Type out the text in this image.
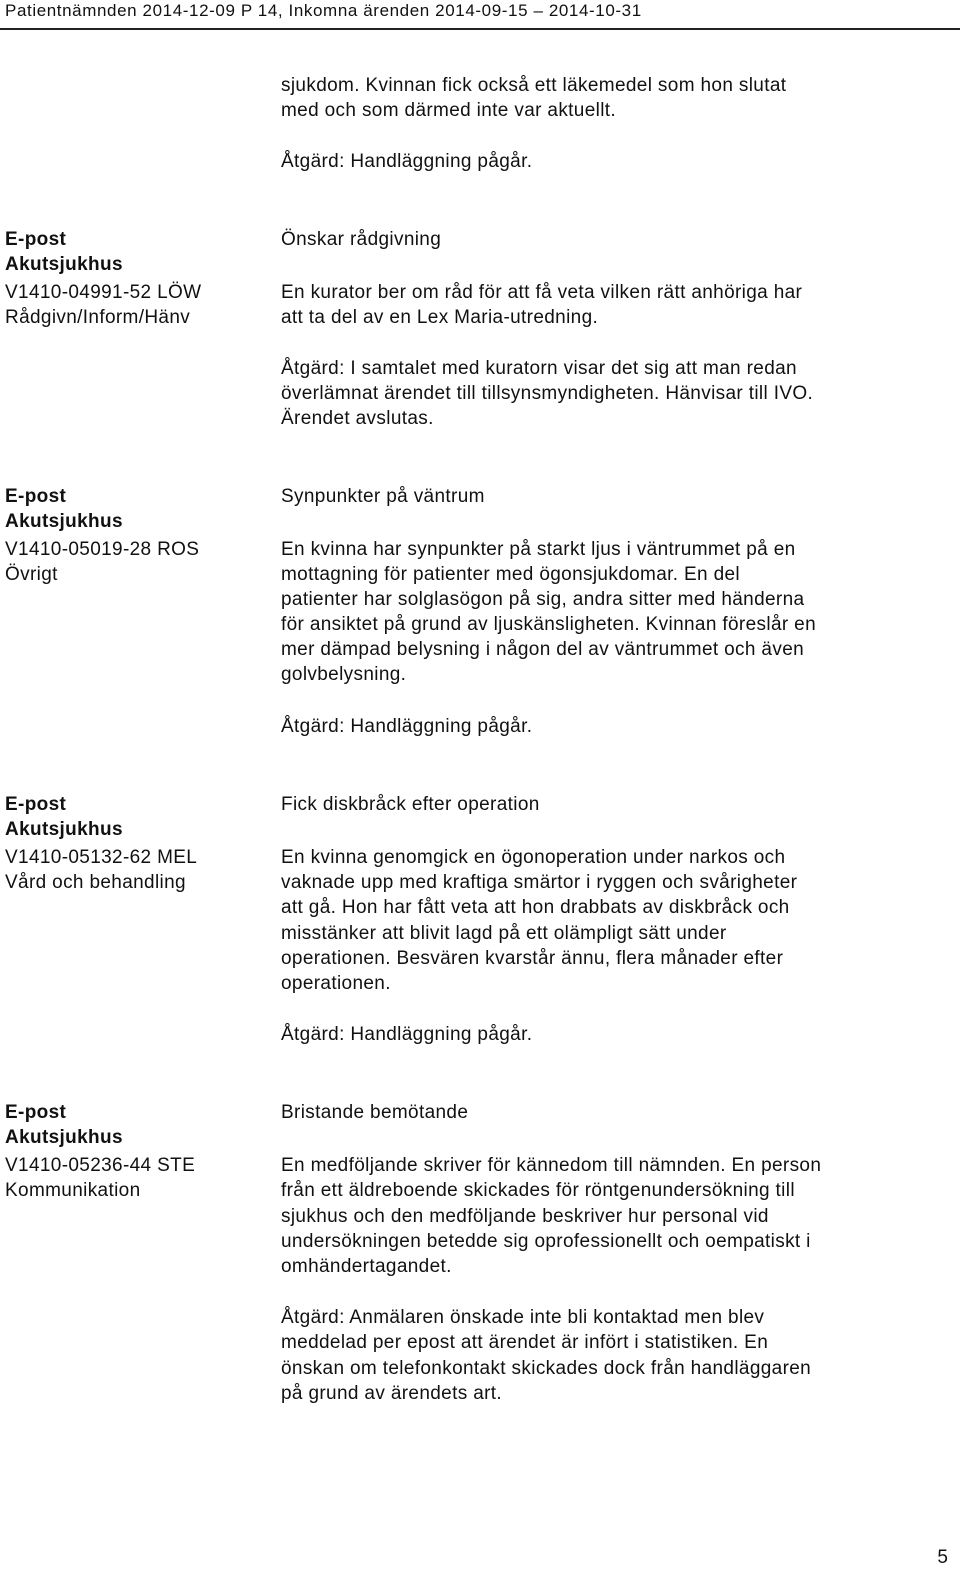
Patientnämnden 2014-12-09 P 14, Inkomna ärenden 2014-09-15 – 2014-10-31
sjukdom. Kvinnan fick också ett läkemedel som hon slutat
med och som därmed inte var aktuellt.
Åtgärd: Handläggning pågår.
E-post
Akutsjukhus
V1410-04991-52 LÖW
Rådgivn/Inform/Hänv
Önskar rådgivning
En kurator ber om råd för att få veta vilken rätt anhöriga har
att ta del av en Lex Maria-utredning.
Åtgärd: I samtalet med kuratorn visar det sig att man redan
överlämnat ärendet till tillsynsmyndigheten. Hänvisar till IVO.
Ärendet avslutas.
E-post
Akutsjukhus
V1410-05019-28 ROS
Övrigt
Synpunkter på väntrum
En kvinna har synpunkter på starkt ljus i väntrummet på en
mottagning för patienter med ögonsjukdomar. En del
patienter har solglasögon på sig, andra sitter med händerna
för ansiktet på grund av ljuskänsligheten. Kvinnan föreslår en
mer dämpad belysning i någon del av väntrummet och även
golvbelysning.
Åtgärd: Handläggning pågår.
E-post
Akutsjukhus
V1410-05132-62 MEL
Vård och behandling
Fick diskbråck efter operation
En kvinna genomgick en ögonoperation under narkos och
vaknade upp med kraftiga smärtor i ryggen och svårigheter
att gå. Hon har fått veta att hon drabbats av diskbråck och
misstänker att blivit lagd på ett olämpligt sätt under
operationen. Besvären kvarstår ännu, flera månader efter
operationen.
Åtgärd: Handläggning pågår.
E-post
Akutsjukhus
V1410-05236-44 STE
Kommunikation
Bristande bemötande
En medföljande skriver för kännedom till nämnden. En person
från ett äldreboende skickades för röntgenundersökning till
sjukhus och den medföljande beskriver hur personal vid
undersökningen betedde sig oprofessionellt och oempatiskt i
omhändertagandet.
Åtgärd: Anmälaren önskade inte bli kontaktad men blev
meddelad per epost att ärendet är infört i statistiken. En
önskan om telefonkontakt skickades dock från handläggaren
på grund av ärendets art.
5
